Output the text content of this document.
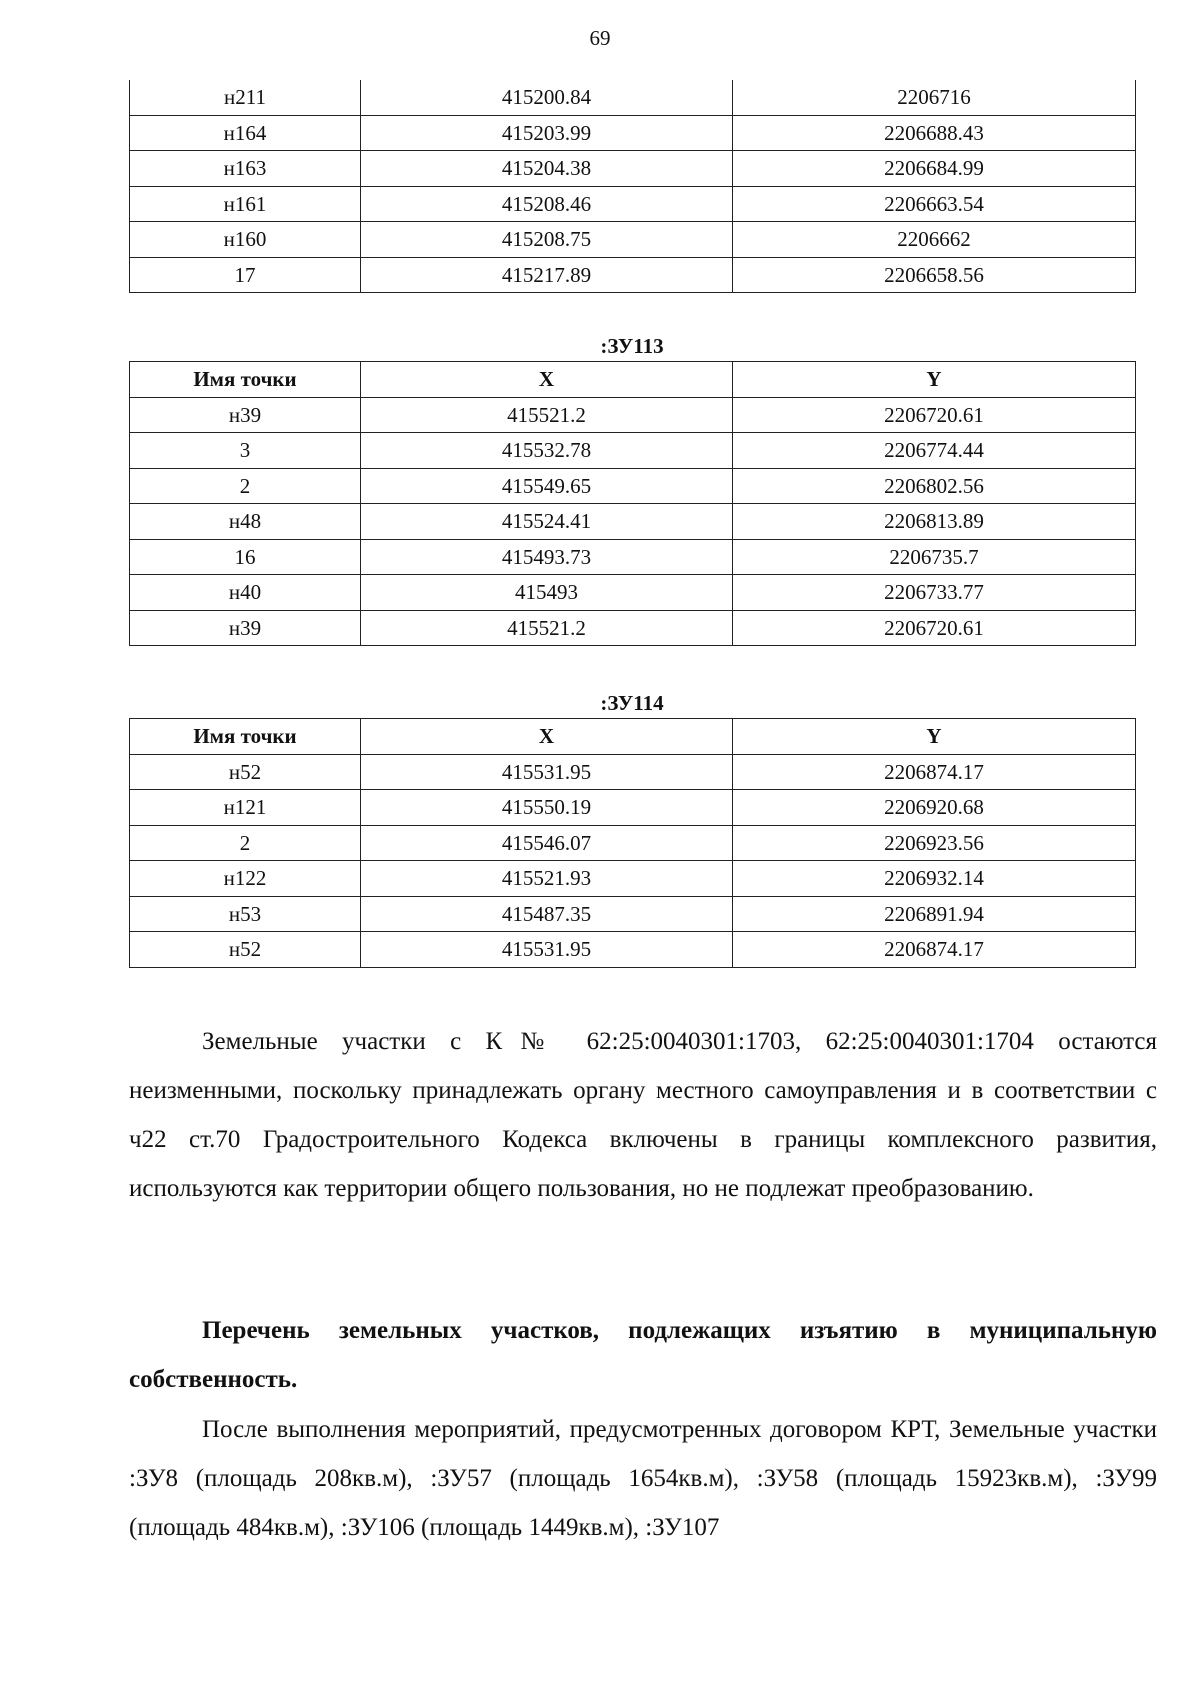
69
н211	415200.84	2206716
н164	415203.99	2206688.43
н163	415204.38	2206684.99
н161	415208.46	2206663.54
н160	415208.75	2206662
17	415217.89	2206658.56
:ЗУ113
Имя точки	X	Y
н39	415521.2	2206720.61
3	415532.78	2206774.44
2	415549.65	2206802.56
н48	415524.41	2206813.89
16	415493.73	2206735.7
н40	415493	2206733.77
н39	415521.2	2206720.61
:ЗУ114
Имя точки	X	Y
н52	415531.95	2206874.17
н121	415550.19	2206920.68
2	415546.07	2206923.56
н122	415521.93	2206932.14
н53	415487.35	2206891.94
н52	415531.95	2206874.17

Земельные участки с К№ 62:25:0040301:1703, 62:25:0040301:1704 остаются неизменными, поскольку принадлежать органу местного самоуправления и в соответствии с ч22 ст.70 Градостроительного Кодекса включены в границы комплексного развития, используются как территории общего пользования, но не подлежат преобразованию.

Перечень земельных участков, подлежащих изъятию в муниципальную собственность.

После выполнения мероприятий, предусмотренных договором КРТ, Земельные участки :ЗУ8 (площадь 208кв.м), :ЗУ57 (площадь 1654кв.м), :ЗУ58 (площадь 15923кв.м), :ЗУ99 (площадь 484кв.м), :ЗУ106 (площадь 1449кв.м), :ЗУ107
